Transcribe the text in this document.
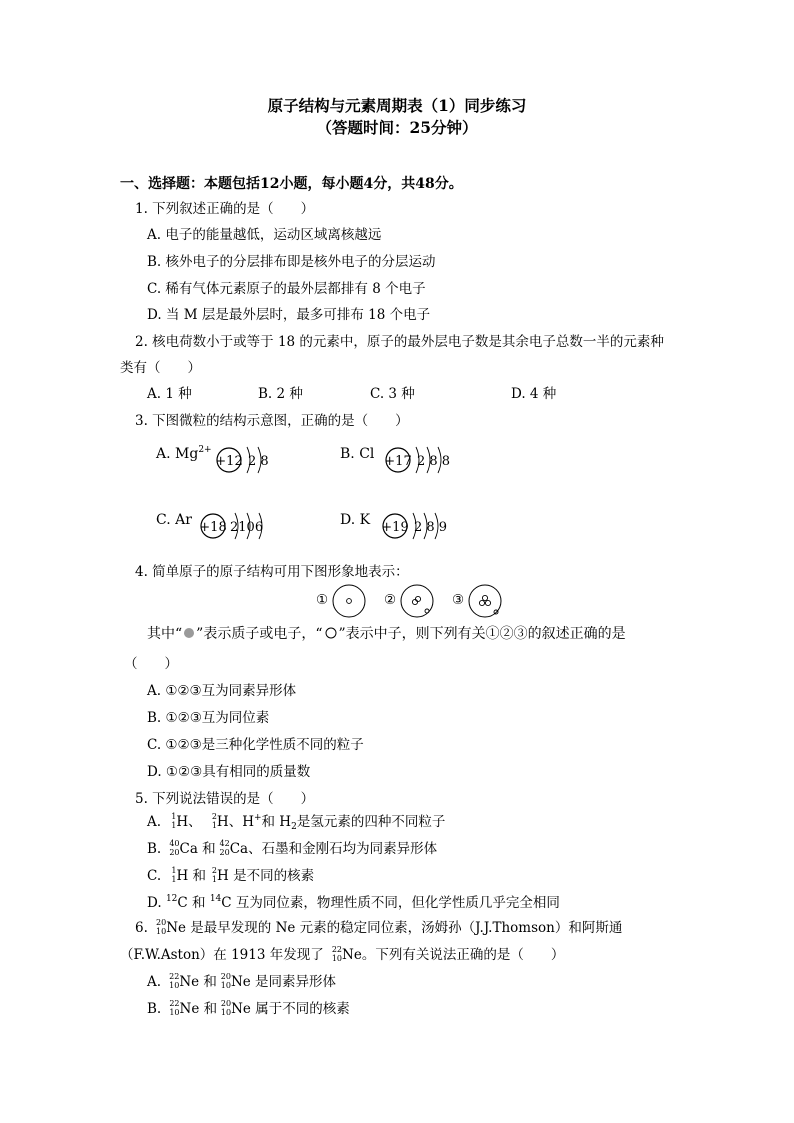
原子结构与元素周期表（1）同步练习
（答题时间：25分钟）
一、选择题：本题包括12小题，每小题4分，共48分。
1. 下列叙述正确的是（　　）
A. 电子的能量越低，运动区域离核越远
B. 核外电子的分层排布即是核外电子的分层运动
C. 稀有气体元素原子的最外层都排有 8 个电子
D. 当 M 层是最外层时，最多可排布 18 个电子
2. 核电荷数小于或等于 18 的元素中，原子的最外层电子数是其余电子总数一半的元素种
类有（　　）
A. 1 种	B. 2 种	C. 3 种	D. 4 种
3. 下图微粒的结构示意图，正确的是（　　）
A. $Mg^{2+}$
+12 2 8	B. Cl +17 2 8 8
C. Ar +18 2106	D. K +19 2 8 9
4. 简单原子的原子结构可用下图形象地表示：
①	②	③
其中“ ”表示质子或电子，“ ”表示中子，则下列有关①②③的叙述正确的是
（　　）
A. ①②③互为同素异形体
B. ①②③互为同位素
C. ①②③是三种化学性质不同的粒子
D. ①②③具有相同的质量数
5. 下列说法错误的是（　　）
A. 1
1 H、 2
1 H、H+和 $H_2$是氢元素的四种不同粒子
B. 40
20 Ca 和 42
20 Ca、石墨和金刚石均为同素异形体
C. 1
1 H 和 2
1 H 是不同的核素
D. $^{12}$C 和 $^{14}$C 互为同位素，物理性质不同，但化学性质几乎完全相同
6. 20
10 Ne 是最早发现的 Ne 元素的稳定同位素，汤姆孙（J.J.Thomson）和阿斯通
（F.W.Aston）在 1913 年发现了 22
10 Ne。下列有关说法正确的是（　　）
A. 22
10 Ne 和 20
10 Ne 是同素异形体
B. 22
10 Ne 和 20
10 Ne 属于不同的核素
